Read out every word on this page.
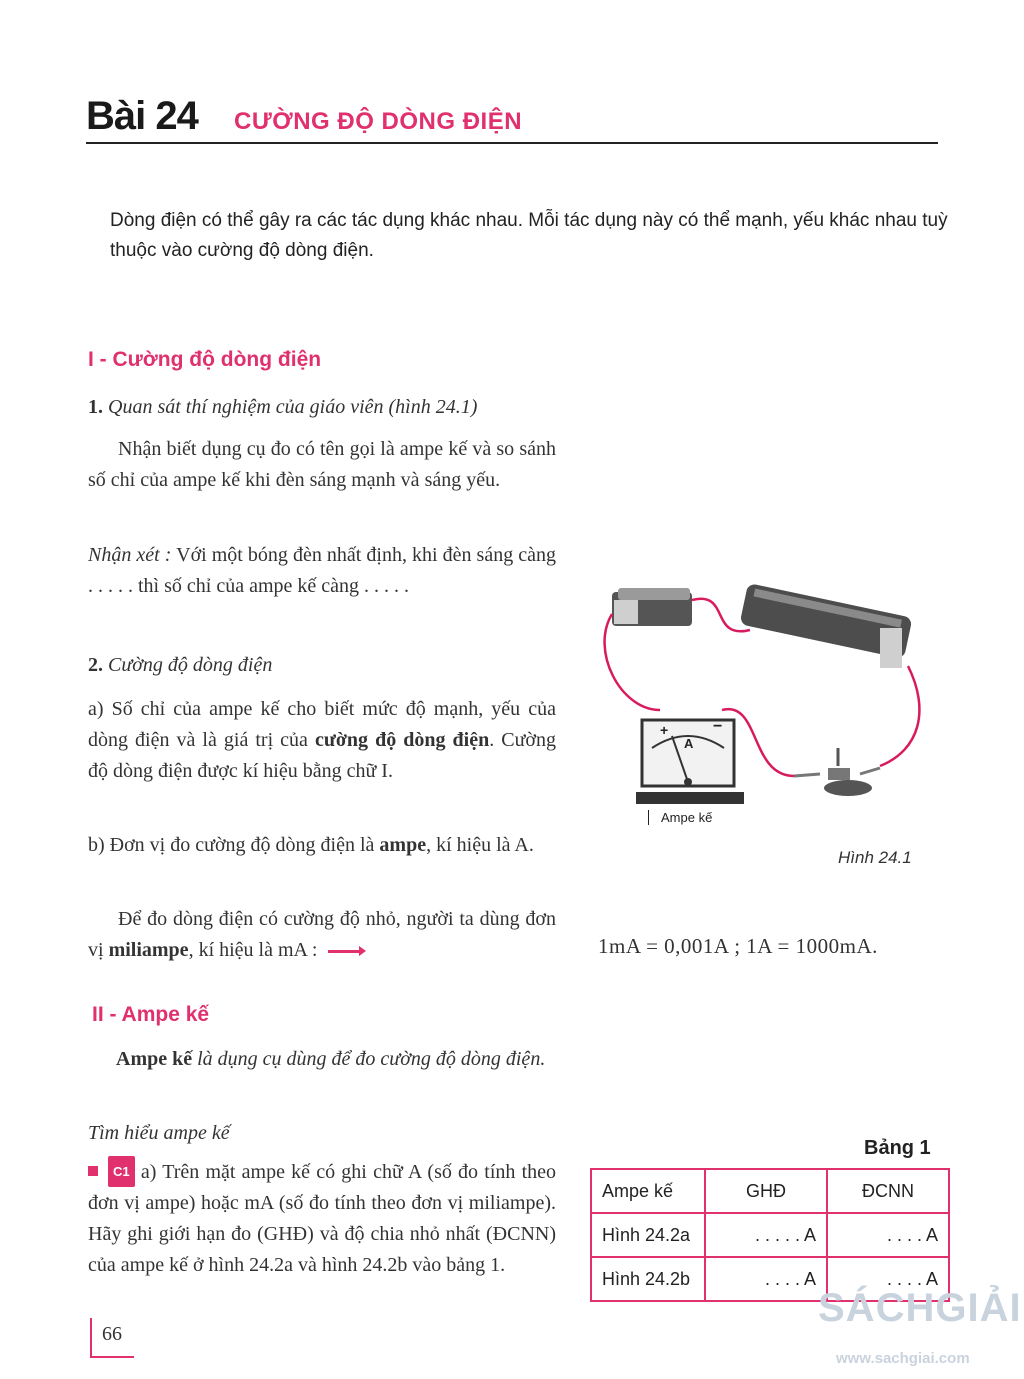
Bài 24 CƯỜNG ĐỘ DÒNG ĐIỆN
Dòng điện có thể gây ra các tác dụng khác nhau. Mỗi tác dụng này có thể mạnh, yếu khác nhau tuỳ thuộc vào cường độ dòng điện.
I - Cường độ dòng điện
1. Quan sát thí nghiệm của giáo viên (hình 24.1)
Nhận biết dụng cụ đo có tên gọi là ampe kế và so sánh số chỉ của ampe kế khi đèn sáng mạnh và sáng yếu.
Nhận xét : Với một bóng đèn nhất định, khi đèn sáng càng . . . . . thì số chỉ của ampe kế càng . . . . .
2. Cường độ dòng điện
a) Số chỉ của ampe kế cho biết mức độ mạnh, yếu của dòng điện và là giá trị của cường độ dòng điện. Cường độ dòng điện được kí hiệu bằng chữ I.
b) Đơn vị đo cường độ dòng điện là ampe, kí hiệu là A.
Để đo dòng điện có cường độ nhỏ, người ta dùng đơn vị miliampe, kí hiệu là mA :	1mA = 0,001A ; 1A = 1000mA.
+	−
A
Ampe kế
Hình 24.1
II - Ampe kế
Ampe kế là dụng cụ dùng để đo cường độ dòng điện.
Tìm hiểu ampe kế
C1 a) Trên mặt ampe kế có ghi chữ A (số đo tính theo đơn vị ampe) hoặc mA (số đo tính theo đơn vị miliampe). Hãy ghi giới hạn đo (GHĐ) và độ chia nhỏ nhất (ĐCNN) của ampe kế ở hình 24.2a và hình 24.2b vào bảng 1.
Bảng 1
Ampe kế	GHĐ	ĐCNN
Hình 24.2a	. . . . . A	. . . . A
Hình 24.2b	. . . . A	. . . . A
66
SÁCHGIẢI
www.sachgiai.com
